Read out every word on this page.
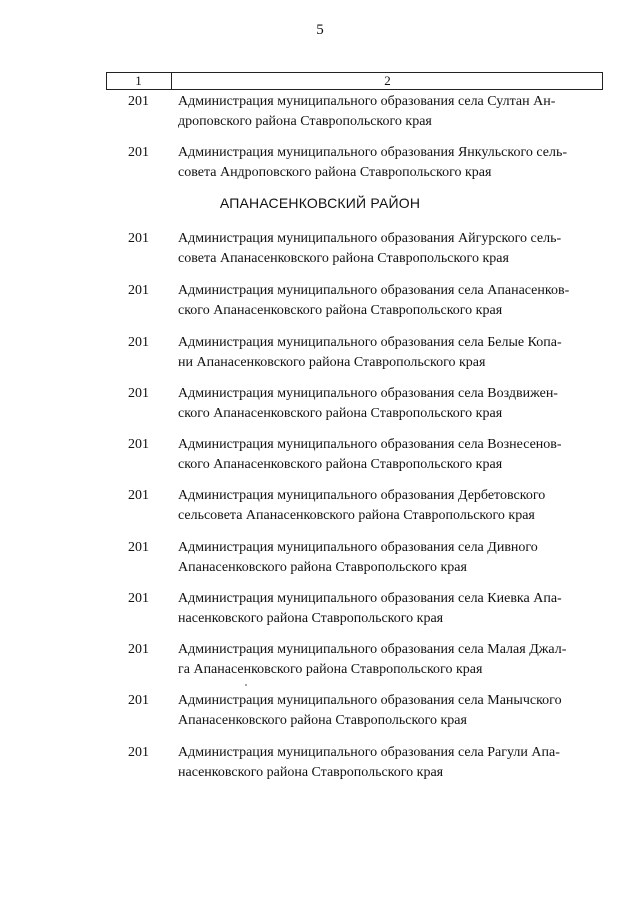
5
1	2
201	Администрация муниципального образования села Султан Ан-
дроповского района Ставропольского края
201	Администрация муниципального образования Янкульского сель-
совета Андроповского района Ставропольского края
АПАНАСЕНКОВСКИЙ РАЙОН
201	Администрация муниципального образования Айгурского сель-
совета Апанасенковского района Ставропольского края
201	Администрация муниципального образования села Апанасенков-
ского Апанасенковского района Ставропольского края
201	Администрация муниципального образования села Белые Копа-
ни Апанасенковского района Ставропольского края
201	Администрация муниципального образования села Воздвижен-
ского Апанасенковского района Ставропольского края
201	Администрация муниципального образования села Вознесенов-
ского Апанасенковского района Ставропольского края
201	Администрация муниципального образования Дербетовского
сельсовета Апанасенковского района Ставропольского края
201	Администрация муниципального образования села Дивного
Апанасенковского района Ставропольского края
201	Администрация муниципального образования села Киевка Апа-
насенковского района Ставропольского края
201	Администрация муниципального образования села Малая Джал-
га Апанасенковского района Ставропольского края
201	Администрация муниципального образования села Манычского
Апанасенковского района Ставропольского края
201	Администрация муниципального образования села Рагули Апа-
насенковского района Ставропольского края
